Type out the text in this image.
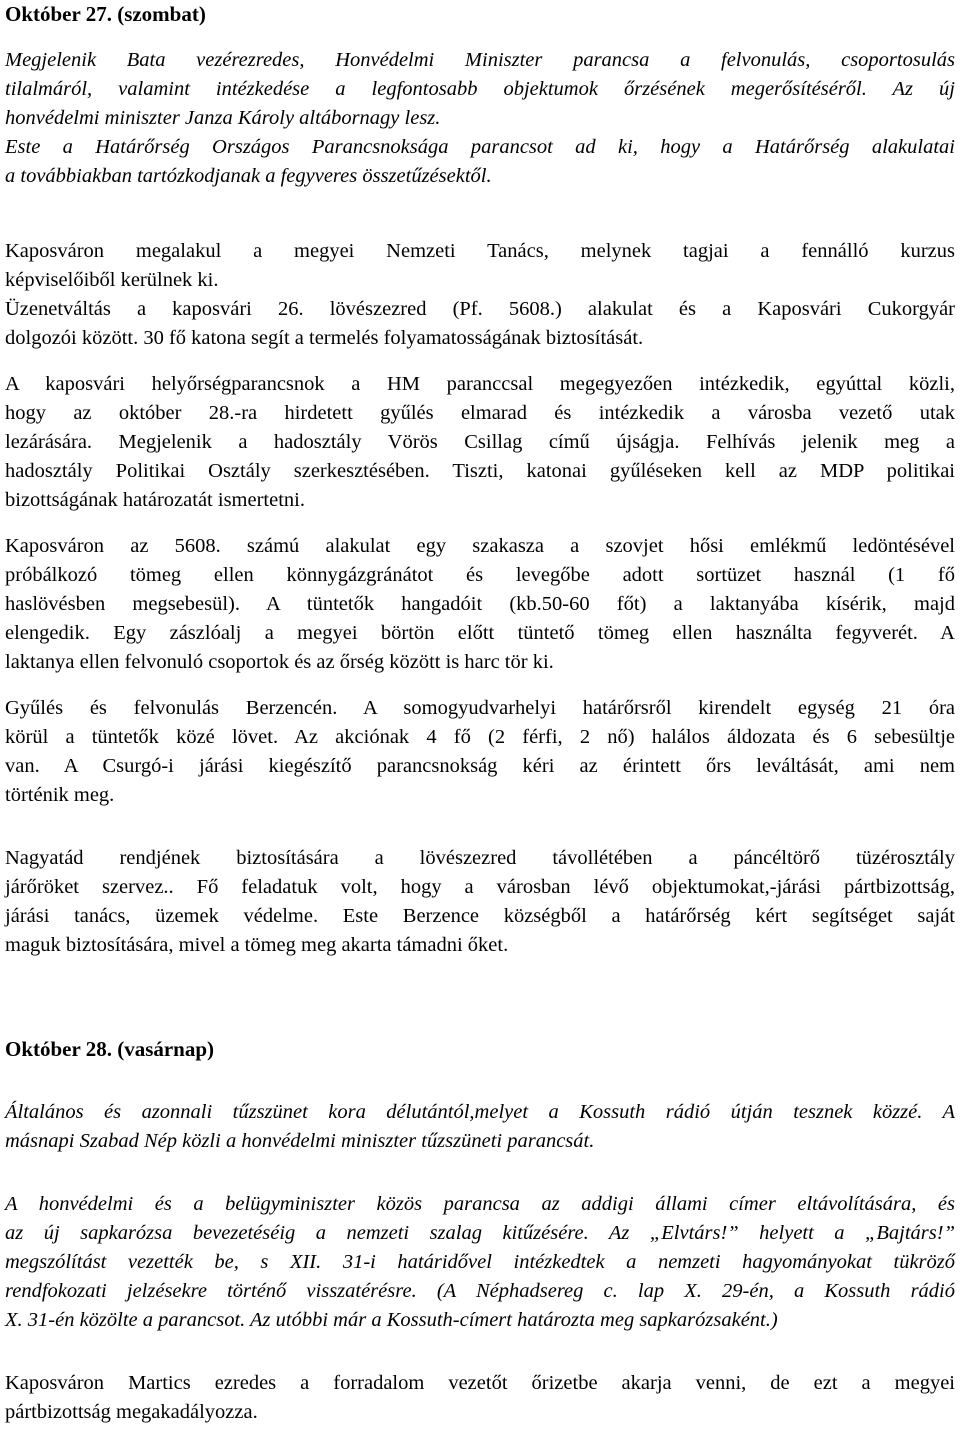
Október 27. (szombat)

Megjelenik Bata vezérezredes, Honvédelmi Miniszter parancsa a felvonulás, csoportosulás
tilalmáról, valamint intézkedése a legfontosabb objektumok őrzésének megerősítéséről. Az új
honvédelmi miniszter Janza Károly altábornagy lesz.
Este a Határőrség Országos Parancsnoksága parancsot ad ki, hogy a Határőrség alakulatai
a továbbiakban tartózkodjanak a fegyveres összetűzésektől.

Kaposváron megalakul a megyei Nemzeti Tanács, melynek tagjai a fennálló kurzus
képviselőiből kerülnek ki.
Üzenetváltás a kaposvári 26. lövészezred (Pf. 5608.) alakulat és a Kaposvári Cukorgyár
dolgozói között. 30 fő katona segít a termelés folyamatosságának biztosítását.

A kaposvári helyőrségparancsnok a HM paranccsal megegyezően intézkedik, egyúttal közli,
hogy az október 28.-ra hirdetett gyűlés elmarad és intézkedik a városba vezető utak
lezárására. Megjelenik a hadosztály Vörös Csillag című újságja. Felhívás jelenik meg a
hadosztály Politikai Osztály szerkesztésében. Tiszti, katonai gyűléseken kell az MDP politikai
bizottságának határozatát ismertetni.

Kaposváron az 5608. számú alakulat egy szakasza a szovjet hősi emlékmű ledöntésével
próbálkozó tömeg ellen könnygázgránátot és levegőbe adott sortüzet használ (1 fő
haslövésben megsebesül). A tüntetők hangadóit (kb.50-60 főt) a laktanyába kísérik, majd
elengedik. Egy zászlóalj a megyei börtön előtt tüntető tömeg ellen használta fegyverét. A
laktanya ellen felvonuló csoportok és az őrség között is harc tör ki.

Gyűlés és felvonulás Berzencén. A somogyudvarhelyi határőrsről kirendelt egység 21 óra
körül a tüntetők közé lövet. Az akciónak 4 fő (2 férfi, 2 nő) halálos áldozata és 6 sebesültje
van. A Csurgó-i járási kiegészítő parancsnokság kéri az érintett őrs leváltását, ami nem
történik meg.

Nagyatád rendjének biztosítására a lövészezred távollétében a páncéltörő tüzérosztály
járőröket szervez.. Fő feladatuk volt, hogy a városban lévő objektumokat,-járási pártbizottság,
járási tanács, üzemek védelme. Este Berzence községből a határőrség kért segítséget saját
maguk biztosítására, mivel a tömeg meg akarta támadni őket.

Október 28. (vasárnap)

Általános és azonnali tűzszünet kora délutántól,melyet a Kossuth rádió útján tesznek közzé. A
másnapi Szabad Nép közli a honvédelmi miniszter tűzszüneti parancsát.

A honvédelmi és a belügyminiszter közös parancsa az addigi állami címer eltávolítására, és
az új sapkarózsa bevezetéséig a nemzeti szalag kitűzésére. Az „Elvtárs!” helyett a „Bajtárs!”
megszólítást vezették be, s XII. 31-i határidővel intézkedtek a nemzeti hagyományokat tükröző
rendfokozati jelzésekre történő visszatérésre. (A Néphadsereg c. lap X. 29-én, a Kossuth rádió
X. 31-én közölte a parancsot. Az utóbbi már a Kossuth-címert határozta meg sapkarózsaként.)

Kaposváron Martics ezredes a forradalom vezetőt őrizetbe akarja venni, de ezt a megyei
pártbizottság megakadályozza.
